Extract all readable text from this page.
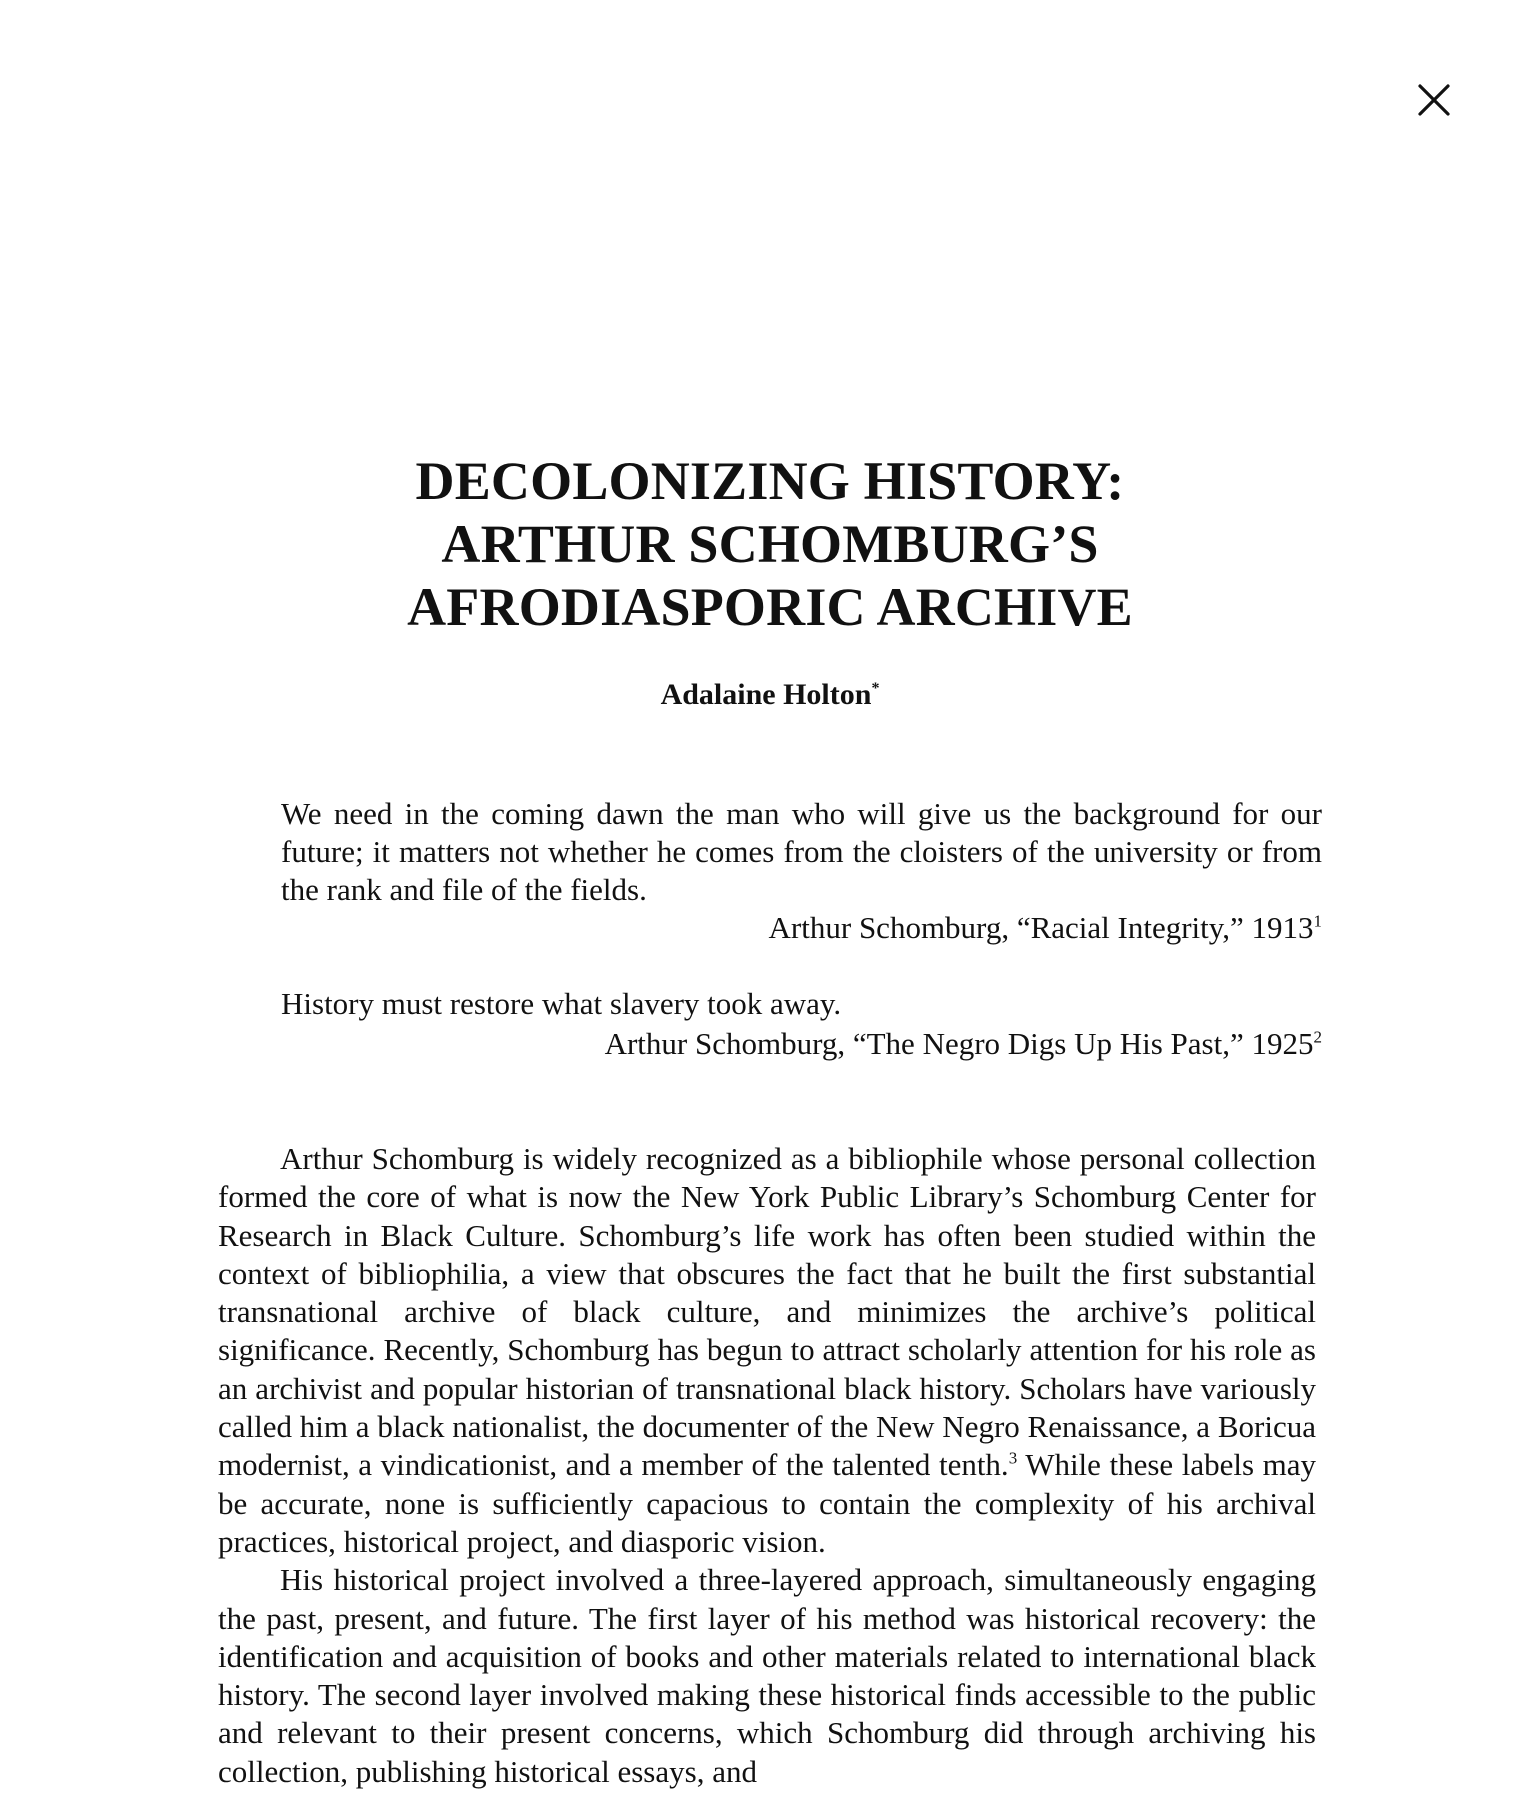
DECOLONIZING HISTORY:
ARTHUR SCHOMBURG’S
AFRODIASPORIC ARCHIVE
Adalaine Holton*
We need in the coming dawn the man who will give us the background for our future; it matters not whether he comes from the cloisters of the university or from the rank and file of the fields.
Arthur Schomburg, “Racial Integrity,” 1913$^1$
History must restore what slavery took away.
Arthur Schomburg, “The Negro Digs Up His Past,” 1925$^2$

Arthur Schomburg is widely recognized as a bibliophile whose personal collection formed the core of what is now the New York Public Library’s Schomburg Center for Research in Black Culture. Schomburg’s life work has often been studied within the context of bibliophilia, a view that obscures the fact that he built the first substantial transnational archive of black culture, and minimizes the archive’s political significance. Recently, Schomburg has begun to attract scholarly attention for his role as an archivist and popular historian of transnational black history. Scholars have variously called him a black nationalist, the documenter of the New Negro Renaissance, a Boricua modernist, a vindicationist, and a member of the talented tenth.$^3$ While these labels may be accurate, none is sufficiently capacious to contain the complexity of his archival practices, historical project, and diasporic vision.

His historical project involved a three-layered approach, simultaneously engaging the past, present, and future. The first layer of his method was historical recovery: the identification and acquisition of books and other materials related to international black history. The second layer involved making these historical finds accessible to the public and relevant to their present concerns, which Schomburg did through archiving his collection, publishing historical essays, and
